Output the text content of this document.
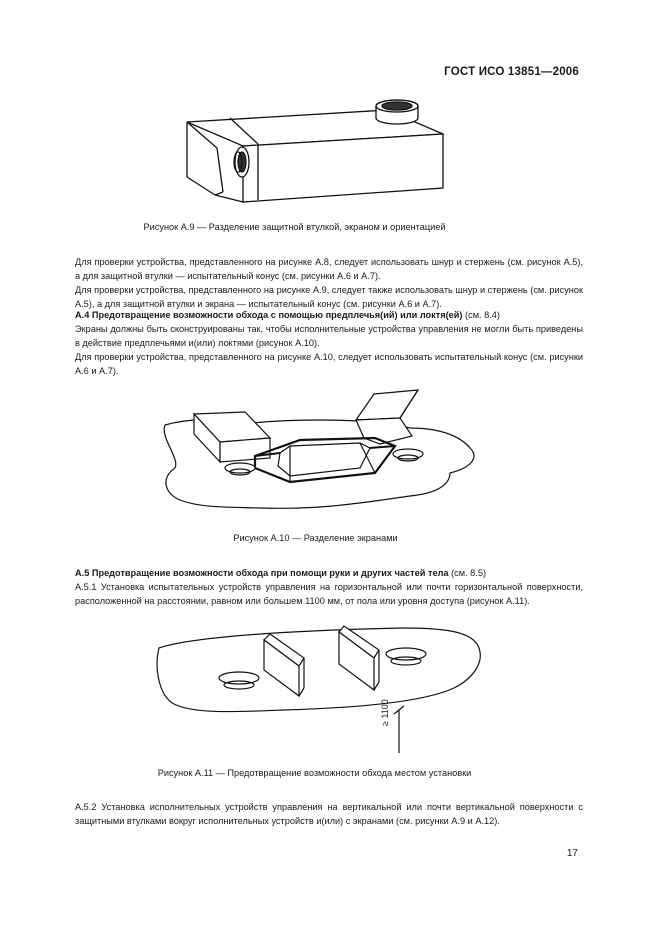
ГОСТ ИСО 13851—2006
Рисунок А.9 — Разделение защитной втулкой, экраном и ориентацией
Для проверки устройства, представленного на рисунке А.8, следует использовать шнур и стержень (см. рисунок А.5), а для защитной втулки — испытательный конус (см. рисунки А.6 и А.7).
Для проверки устройства, представленного на рисунке А.9, следует также использовать шнур и стержень (см. рисунок А.5), а для защитной втулки и экрана — испытательный конус (см. рисунки А.6 и А.7).
А.4 Предотвращение возможности обхода с помощью предплечья(ий) или локтя(ей) (см. 8.4)
Экраны должны быть сконструированы так, чтобы исполнительные устройства управления не могли быть приведены в действие предплечьями и(или) локтями (рисунок А.10).
Для проверки устройства, представленного на рисунке А.10, следует использовать испытательный конус (см. рисунки А.6 и А.7).
Рисунок А.10 — Разделение экранами
А.5 Предотвращение возможности обхода при помощи руки и других частей тела (см. 8.5)
А.5.1 Установка испытательных устройств управления на горизонтальной или почти горизонтальной поверхности, расположенной на расстоянии, равном или большем 1100 мм, от пола или уровня доступа (рисунок А.11).
≥ 1100
Рисунок А.11 — Предотвращение возможности обхода местом установки
А.5.2 Установка исполнительных устройств управления на вертикальной или почти вертикальной поверхности с защитными втулками вокруг исполнительных устройств и(или) с экранами (см. рисунки А.9 и А.12).
17
